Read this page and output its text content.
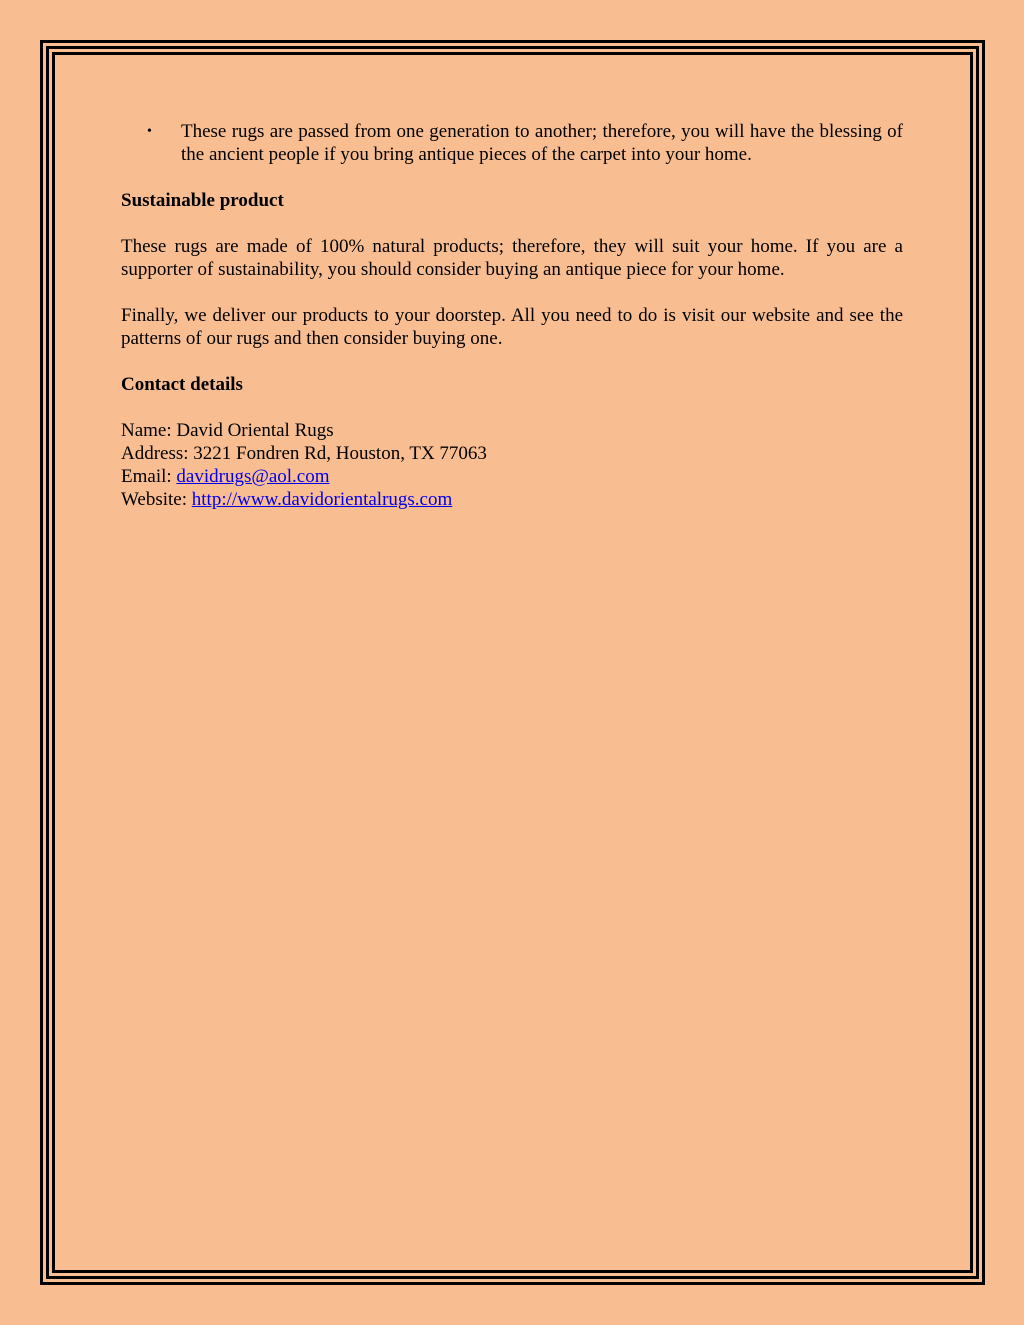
• These rugs are passed from one generation to another; therefore, you will have the blessing of the ancient people if you bring antique pieces of the carpet into your home.
Sustainable product
These rugs are made of 100% natural products; therefore, they will suit your home. If you are a supporter of sustainability, you should consider buying an antique piece for your home.
Finally, we deliver our products to your doorstep. All you need to do is visit our website and see the patterns of our rugs and then consider buying one.
Contact details
Name: David Oriental Rugs
Address: 3221 Fondren Rd, Houston, TX 77063
Email: davidrugs@aol.com
Website: http://www.davidorientalrugs.com
